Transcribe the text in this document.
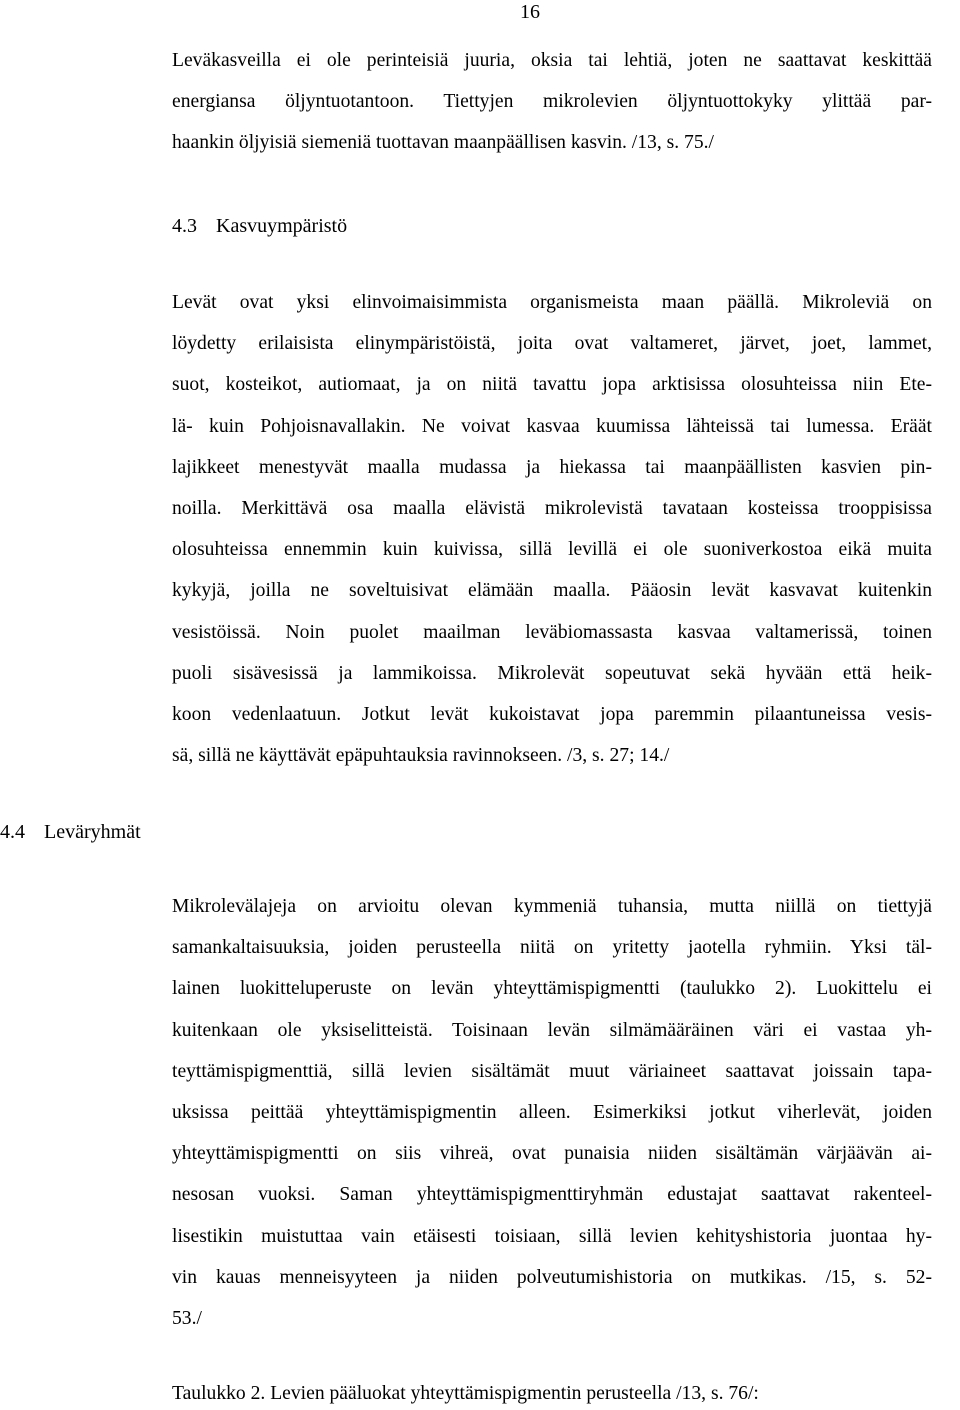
16
Leväkasveilla ei ole perinteisiä juuria, oksia tai lehtiä, joten ne saattavat keskittää
energiansa öljyntuotantoon. Tiettyjen mikrolevien öljyntuottokyky ylittää par-
haankin öljyisiä siemeniä tuottavan maanpäällisen kasvin. /13, s. 75./
4.3 Kasvuympäristö
Levät ovat yksi elinvoimaisimmista organismeista maan päällä. Mikroleviä on
löydetty erilaisista elinympäristöistä, joita ovat valtameret, järvet, joet, lammet,
suot, kosteikot, autiomaat, ja on niitä tavattu jopa arktisissa olosuhteissa niin Ete-
lä- kuin Pohjoisnavallakin. Ne voivat kasvaa kuumissa lähteissä tai lumessa. Eräät
lajikkeet menestyvät maalla mudassa ja hiekassa tai maanpäällisten kasvien pin-
noilla. Merkittävä osa maalla elävistä mikrolevistä tavataan kosteissa trooppisissa
olosuhteissa ennemmin kuin kuivissa, sillä levillä ei ole suoniverkostoa eikä muita
kykyjä, joilla ne soveltuisivat elämään maalla. Pääosin levät kasvavat kuitenkin
vesistöissä. Noin puolet maailman leväbiomassasta kasvaa valtamerissä, toinen
puoli sisävesissä ja lammikoissa. Mikrolevät sopeutuvat sekä hyvään että heik-
koon vedenlaatuun. Jotkut levät kukoistavat jopa paremmin pilaantuneissa vesis-
sä, sillä ne käyttävät epäpuhtauksia ravinnokseen. /3, s. 27; 14./
4.4 Leväryhmät
Mikrolevälajeja on arvioitu olevan kymmeniä tuhansia, mutta niillä on tiettyjä
samankaltaisuuksia, joiden perusteella niitä on yritetty jaotella ryhmiin. Yksi täl-
lainen luokitteluperuste on levän yhteyttämispigmentti (taulukko 2). Luokittelu ei
kuitenkaan ole yksiselitteistä. Toisinaan levän silmämääräinen väri ei vastaa yh-
teyttämispigmenttiä, sillä levien sisältämät muut väriaineet saattavat joissain tapa-
uksissa peittää yhteyttämispigmentin alleen. Esimerkiksi jotkut viherlevät, joiden
yhteyttämispigmentti on siis vihreä, ovat punaisia niiden sisältämän värjäävän ai-
nesosan vuoksi. Saman yhteyttämispigmenttiryhmän edustajat saattavat rakenteel-
lisestikin muistuttaa vain etäisesti toisiaan, sillä levien kehityshistoria juontaa hy-
vin kauas menneisyyteen ja niiden polveutumishistoria on mutkikas. /15, s. 52-
53./

Taulukko 2. Levien pääluokat yhteyttämispigmentin perusteella /13, s. 76/:
